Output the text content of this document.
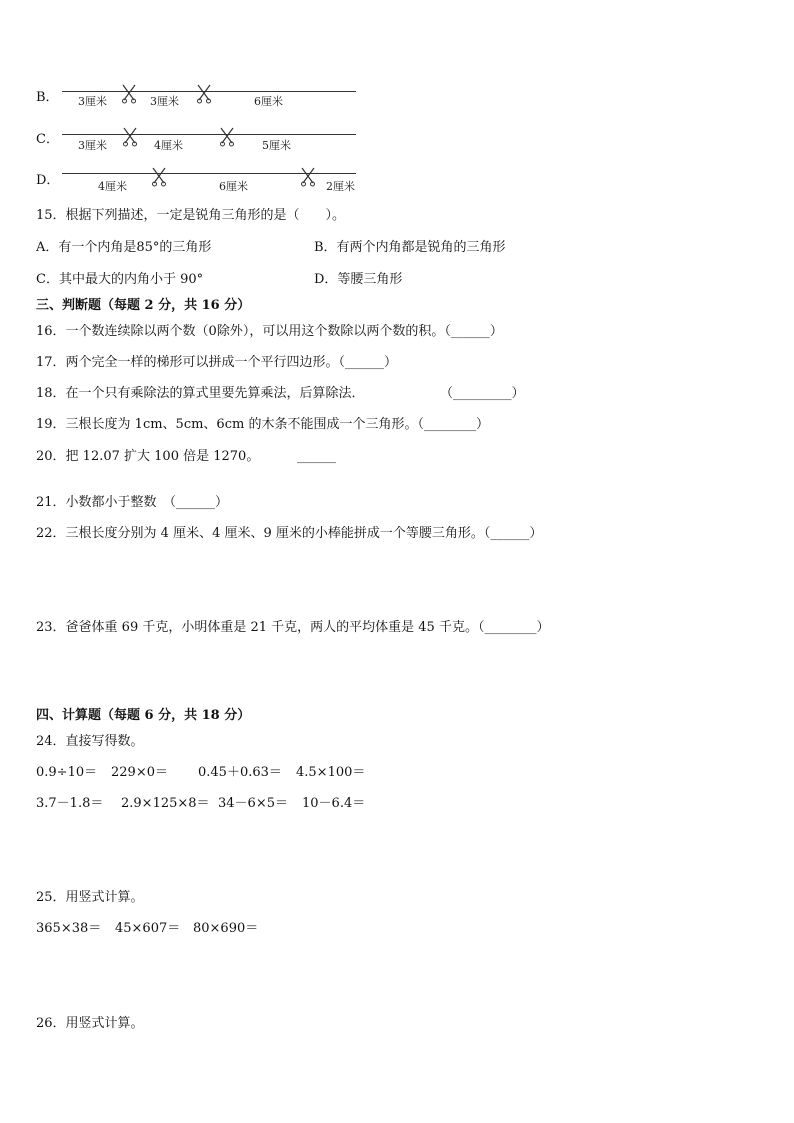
B． 3厘米	3厘米	6厘米
C． 3厘米	4厘米	5厘米
D．	4厘米	6厘米	2厘米
15．根据下列描述，一定是锐角三角形的是（　　）。
A．有一个内角是85°的三角形	B．有两个内角都是锐角的三角形
C．其中最大的内角小于 90°	D．等腰三角形
三、判断题（每题 2 分，共 16 分）
16．一个数连续除以两个数（0除外），可以用这个数除以两个数的积。（______）
17．两个完全一样的梯形可以拼成一个平行四边形。（______）
18．在一个只有乘除法的算式里要先算乘法，后算除法．	（_________）
19．三根长度为 1cm、5cm、6cm 的木条不能围成一个三角形。（________）
20．把 12.07 扩大 100 倍是 1270。	______
21．小数都小于整数　（______）
22．三根长度分别为 4 厘米、4 厘米、9 厘米的小棒能拼成一个等腰三角形。（______）
23．爸爸体重 69 千克，小明体重是 21 千克，两人的平均体重是 45 千克。（________）
四、计算题（每题 6 分，共 18 分）
24．直接写得数。
0.9÷10＝ 229×0＝ 0.45＋0.63＝ 4.5×100＝
3.7－1.8＝ 2.9×125×8＝ 34－6×5＝ 10－6.4＝
25．用竖式计算。
365×38＝ 45×607＝ 80×690＝
26．用竖式计算。
